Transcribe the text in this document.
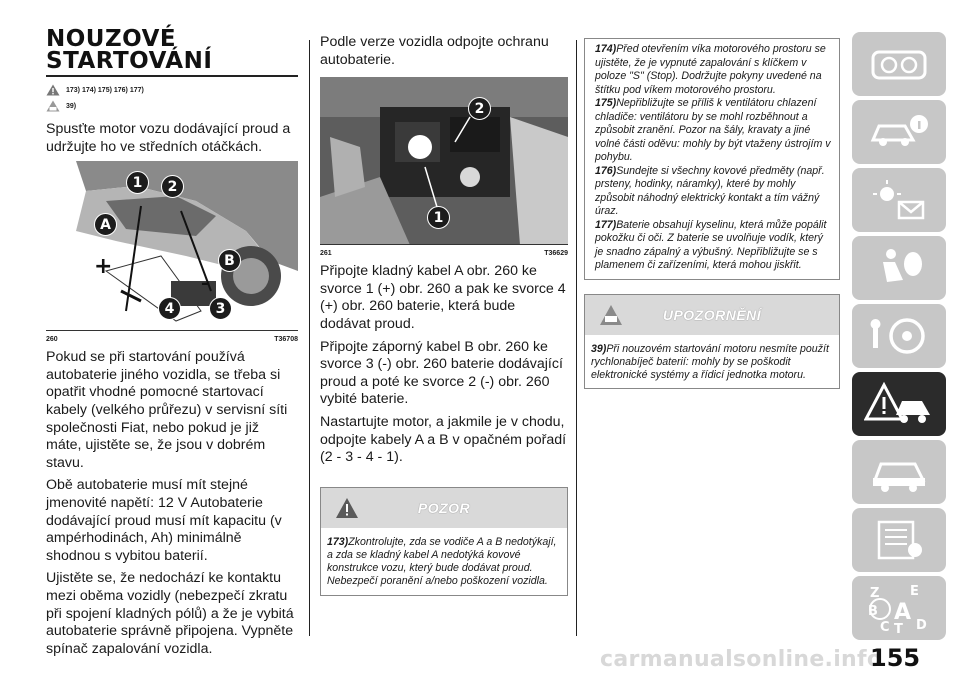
NOUZOVÉ
STARTOVÁNÍ
173) 174) 175) 176) 177)
39)

Spusťte motor vozu dodávající proud a udržujte ho ve středních otáčkách.

+
–
1	2
A
B
4	3
260	T36708

Pokud se při startování používá autobaterie jiného vozidla, se třeba si opatřit vhodné pomocné startovací kabely (velkého průřezu) v servisní síti společnosti Fiat, nebo pokud je již máte, ujistěte se, že jsou v dobrém stavu.

Obě autobaterie musí mít stejné jmenovité napětí: 12 V Autobaterie dodávající proud musí mít kapacitu (v ampérhodinách, Ah) minimálně shodnou s vybitou baterií.

Ujistěte se, že nedochází ke kontaktu mezi oběma vozidly (nebezpečí zkratu při spojení kladných pólů) a že je vybitá autobaterie správně připojena. Vypněte spínač zapalování vozidla.

Podle verze vozidla odpojte ochranu autobaterie.

2
1
261	T36629

Připojte kladný kabel A obr. 260 ke svorce 1 (+) obr. 260 a pak ke svorce 4 (+) obr. 260 baterie, která bude dodávat proud.

Připojte záporný kabel B obr. 260 ke svorce 3 (-) obr. 260 baterie dodávající proud a poté ke svorce 2 (-) obr. 260 vybité baterie.

Nastartujte motor, a jakmile je v chodu, odpojte kabely A a B v opačném pořadí (2 - 3 - 4 - 1).

POZOR
173)Zkontrolujte, zda se vodiče A a B nedotýkají, a zda se kladný kabel A nedotýká kovové konstrukce vozu, který bude dodávat proud. Nebezpečí poranění a/nebo poškození vozidla.
174)Před otevřením víka motorového prostoru se ujistěte, že je vypnuté zapalování s klíčkem v poloze "S" (Stop). Dodržujte pokyny uvedené na štítku pod víkem motorového prostoru.
175)Nepřibližujte se příliš k ventilátoru chlazení chladiče: ventilátoru by se mohl rozběhnout a způsobit zranění. Pozor na šály, kravaty a jiné volné části oděvu: mohly by být vtaženy ústrojím v pohybu.
176)Sundejte si všechny kovové předměty (např. prsteny, hodinky, náramky), které by mohly způsobit náhodný elektrický kontakt a tím vážný úraz.
177)Baterie obsahují kyselinu, která může popálit pokožku či oči. Z baterie se uvolňuje vodík, který je snadno zápalný a výbušný. Nepřibližujte se s plamenem či zařízeními, která mohou jiskřit.
UPOZORNĚNÍ
39)Při nouzovém startování motoru nesmíte použít rychlonabíječ baterií: mohly by se poškodit elektronické systémy a řídicí jednotka motoru.
Z E
B A
C T D
carmanualsonline.info
155
